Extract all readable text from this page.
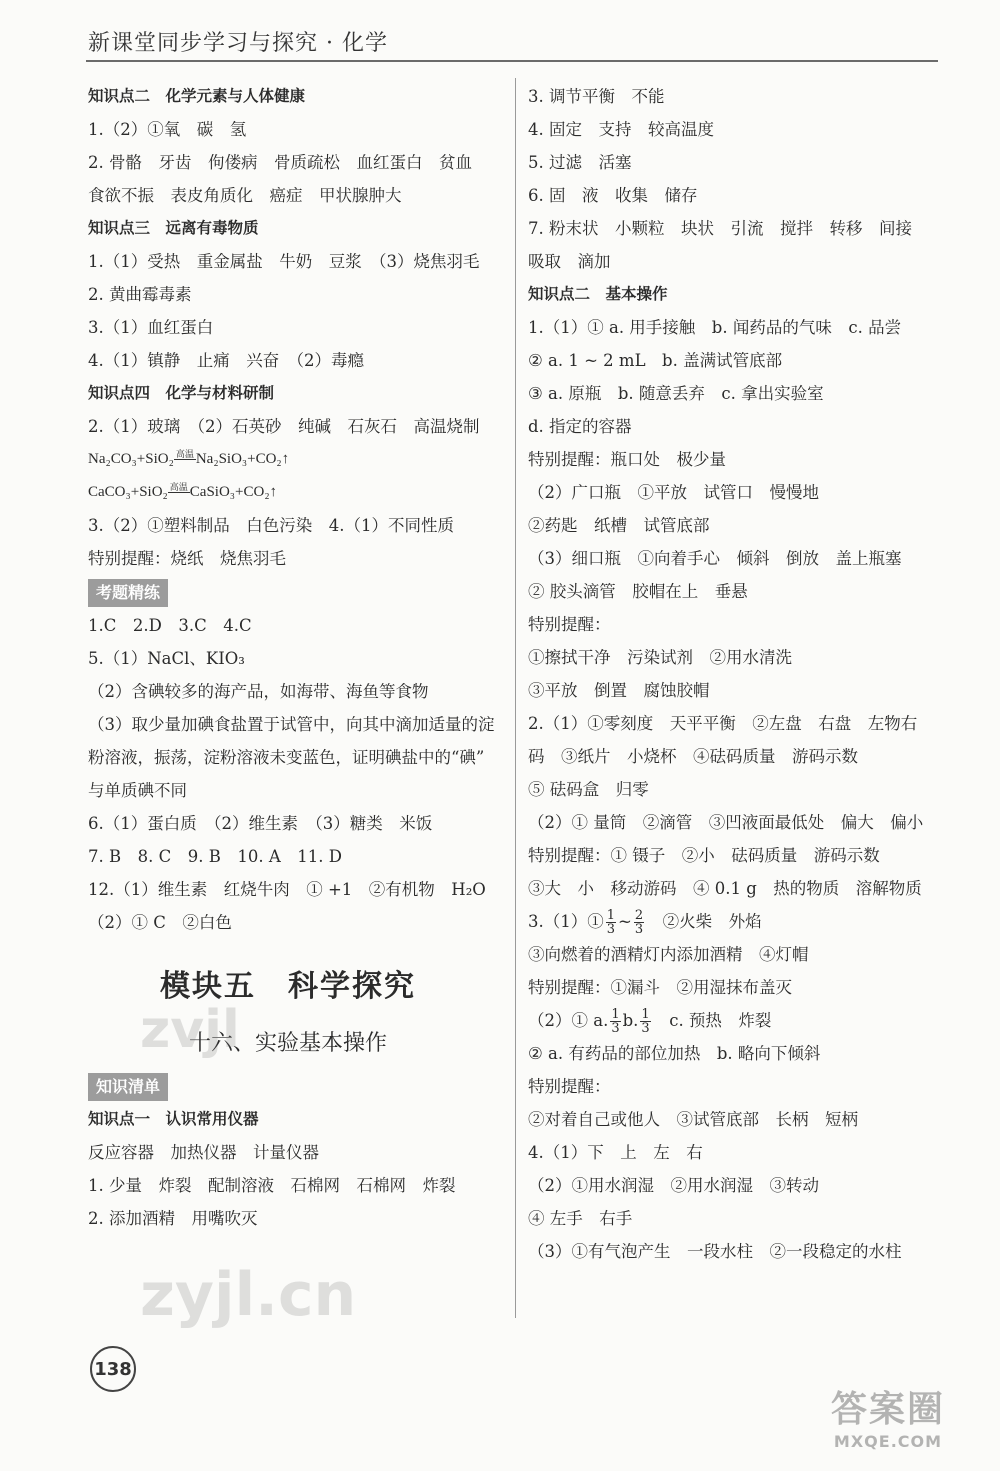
新课堂同步学习与探究 · 化学
知识点二　化学元素与人体健康
1.（2）①氧　碳　氢
2. 骨骼　牙齿　佝偻病　骨质疏松　血红蛋白　贫血
食欲不振　表皮角质化　癌症　甲状腺肿大
知识点三　远离有毒物质
1.（1）受热　重金属盐　牛奶　豆浆　（3）烧焦羽毛
2. 黄曲霉毒素
3.（1）血红蛋白
4.（1）镇静　止痛　兴奋　（2）毒瘾
知识点四　化学与材料研制
2.（1）玻璃　（2）石英砂　纯碱　石灰石　高温烧制
Na₂CO₃+SiO₂ 高温 Na₂SiO₃+CO₂↑
CaCO₃+SiO₂ 高温 CaSiO₃+CO₂↑
3.（2）①塑料制品　白色污染　4.（1）不同性质
特别提醒：烧纸　烧焦羽毛
考题精练
1.C　2.D　3.C　4.C
5.（1）NaCl、KIO₃
（2）含碘较多的海产品，如海带、海鱼等食物
（3）取少量加碘食盐置于试管中，向其中滴加适量的淀
粉溶液，振荡，淀粉溶液未变蓝色，证明碘盐中的“碘”
与单质碘不同
6.（1）蛋白质　（2）维生素　（3）糖类　米饭
7. B　8. C　9. B　10. A　11. D
12.（1）维生素　红烧牛肉　① +1　②有机物　H₂O
（2）① C　②白色
模块五　科学探究
十六、实验基本操作
知识清单
知识点一　认识常用仪器
反应容器　加热仪器　计量仪器
1. 少量　炸裂　配制溶液　石棉网　石棉网　炸裂
2. 添加酒精　用嘴吹灭
3. 调节平衡　不能
4. 固定　支持　较高温度
5. 过滤　活塞
6. 固　液　收集　储存
7. 粉末状　小颗粒　块状　引流　搅拌　转移　间接
吸取　滴加
知识点二　基本操作
1.（1）① a. 用手接触　b. 闻药品的气味　c. 品尝
② a. 1 ~ 2 mL　b. 盖满试管底部
③ a. 原瓶　b. 随意丢弃　c. 拿出实验室
d. 指定的容器
特别提醒：瓶口处　极少量
（2）广口瓶　①平放　试管口　慢慢地
②药匙　纸槽　试管底部
（3）细口瓶　①向着手心　倾斜　倒放　盖上瓶塞
② 胶头滴管　胶帽在上　垂悬
特别提醒：
①擦拭干净　污染试剂　②用水清洗
③平放　倒置　腐蚀胶帽
2.（1）①零刻度　天平平衡　②左盘　右盘　左物右
码　③纸片　小烧杯　④砝码质量　游码示数
⑤ 砝码盒　归零
（2）① 量筒　②滴管　③凹液面最低处　偏大　偏小
特别提醒：① 镊子　②小　砝码质量　游码示数
③大　小　移动游码　④ 0.1 g　热的物质　溶解物质
3.（1）① $\frac{1}{3}$ ~ $\frac{2}{3}$ 　②火柴　外焰
③向燃着的酒精灯内添加酒精　④灯帽
特别提醒：①漏斗　②用湿抹布盖灭
（2）① a. $\frac{1}{3} b$. $\frac{1}{3}$ 　c. 预热　炸裂
② a. 有药品的部位加热　b. 略向下倾斜
特别提醒：
②对着自己或他人　③试管底部　长柄　短柄
4.（1）下　上　左　右
（2）①用水润湿　②用水润湿　③转动
④ 左手　右手
（3）①有气泡产生　一段水柱　②一段稳定的水柱
zvjl
zyjl.cn
138
答案圈
MXQE.COM
